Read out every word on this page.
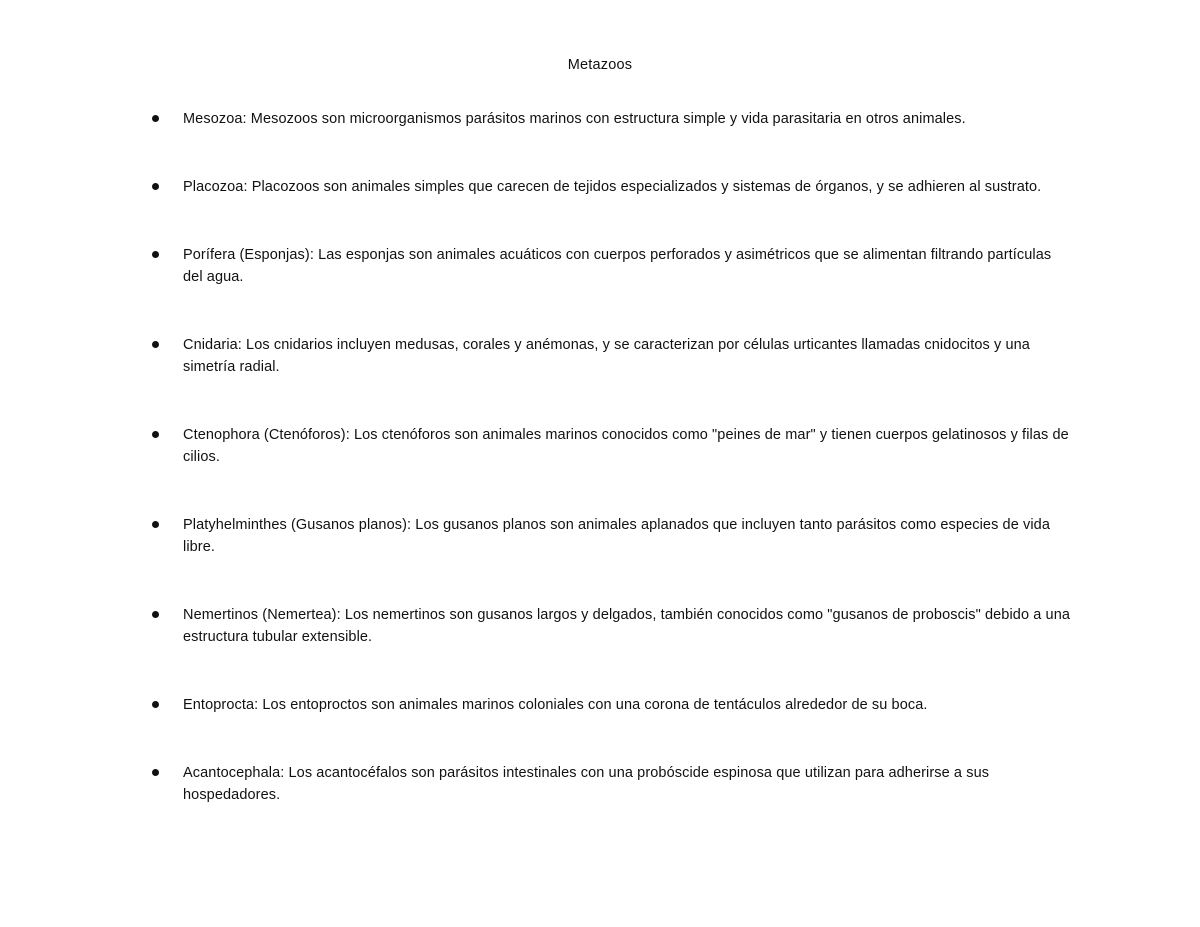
Metazoos
Mesozoa: Mesozoos son microorganismos parásitos marinos con estructura simple y vida parasitaria en otros animales.
Placozoa: Placozoos son animales simples que carecen de tejidos especializados y sistemas de órganos, y se adhieren al sustrato.
Porífera (Esponjas): Las esponjas son animales acuáticos con cuerpos perforados y asimétricos que se alimentan filtrando partículas del agua.
Cnidaria: Los cnidarios incluyen medusas, corales y anémonas, y se caracterizan por células urticantes llamadas cnidocitos y una simetría radial.
Ctenophora (Ctenóforos): Los ctenóforos son animales marinos conocidos como "peines de mar" y tienen cuerpos gelatinosos y filas de cilios.
Platyhelminthes (Gusanos planos): Los gusanos planos son animales aplanados que incluyen tanto parásitos como especies de vida libre.
Nemertinos (Nemertea): Los nemertinos son gusanos largos y delgados, también conocidos como "gusanos de proboscis" debido a una estructura tubular extensible.
Entoprocta: Los entoproctos son animales marinos coloniales con una corona de tentáculos alrededor de su boca.
Acantocephala: Los acantocéfalos son parásitos intestinales con una probóscide espinosa que utilizan para adherirse a sus hospedadores.
